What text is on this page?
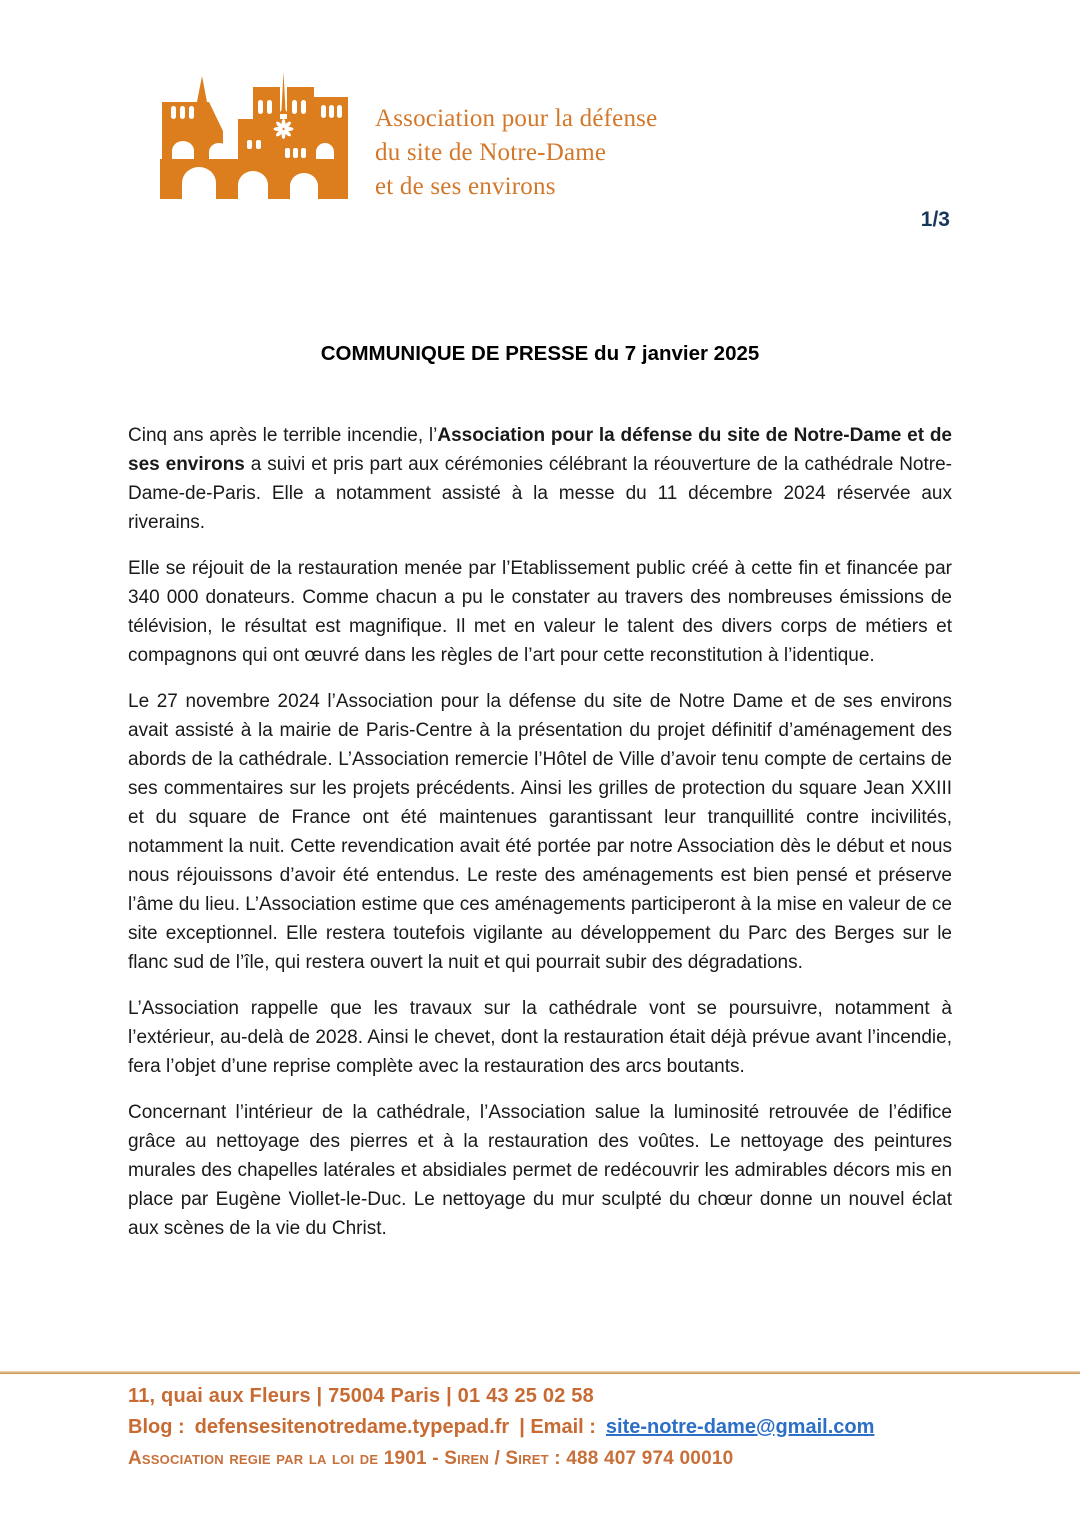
Association pour la défense
du site de Notre-Dame
et de ses environs
1/3
COMMUNIQUE DE PRESSE du 7 janvier 2025

Cinq ans après le terrible incendie, l’Association pour la défense du site de Notre-Dame et de ses environs a suivi et pris part aux cérémonies célébrant la réouverture de la cathédrale Notre-Dame-de-Paris. Elle a notamment assisté à la messe du 11 décembre 2024 réservée aux riverains.

Elle se réjouit de la restauration menée par l’Etablissement public créé à cette fin et financée par 340 000 donateurs. Comme chacun a pu le constater au travers des nombreuses émissions de télévision, le résultat est magnifique. Il met en valeur le talent des divers corps de métiers et compagnons qui ont œuvré dans les règles de l’art pour cette reconstitution à l’identique.

Le 27 novembre 2024 l’Association pour la défense du site de Notre Dame et de ses environs avait assisté à la mairie de Paris-Centre à la présentation du projet définitif d’aménagement des abords de la cathédrale. L’Association remercie l’Hôtel de Ville d’avoir tenu compte de certains de ses commentaires sur les projets précédents. Ainsi les grilles de protection du square Jean XXIII et du square de France ont été maintenues garantissant leur tranquillité contre incivilités, notamment la nuit. Cette revendication avait été portée par notre Association dès le début et nous nous réjouissons d’avoir été entendus. Le reste des aménagements est bien pensé et préserve l’âme du lieu. L’Association estime que ces aménagements participeront à la mise en valeur de ce site exceptionnel. Elle restera toutefois vigilante au développement du Parc des Berges sur le flanc sud de l’île, qui restera ouvert la nuit et qui pourrait subir des dégradations.

L’Association rappelle que les travaux sur la cathédrale vont se poursuivre, notamment à l’extérieur, au-delà de 2028. Ainsi le chevet, dont la restauration était déjà prévue avant l’incendie, fera l’objet d’une reprise complète avec la restauration des arcs boutants.

Concernant l’intérieur de la cathédrale, l’Association salue la luminosité retrouvée de l’édifice grâce au nettoyage des pierres et à la restauration des voûtes. Le nettoyage des peintures murales des chapelles latérales et absidiales permet de redécouvrir les admirables décors mis en place par Eugène Viollet-le-Duc. Le nettoyage du mur sculpté du chœur donne un nouvel éclat aux scènes de la vie du Christ.

11, quai aux Fleurs | 75004 Paris | 01 43 25 02 58
Blog : defensesitenotredame.typepad.fr | Email : site-notre-dame@gmail.com
Association regie par la loi de 1901 - Siren / Siret : 488 407 974 00010
